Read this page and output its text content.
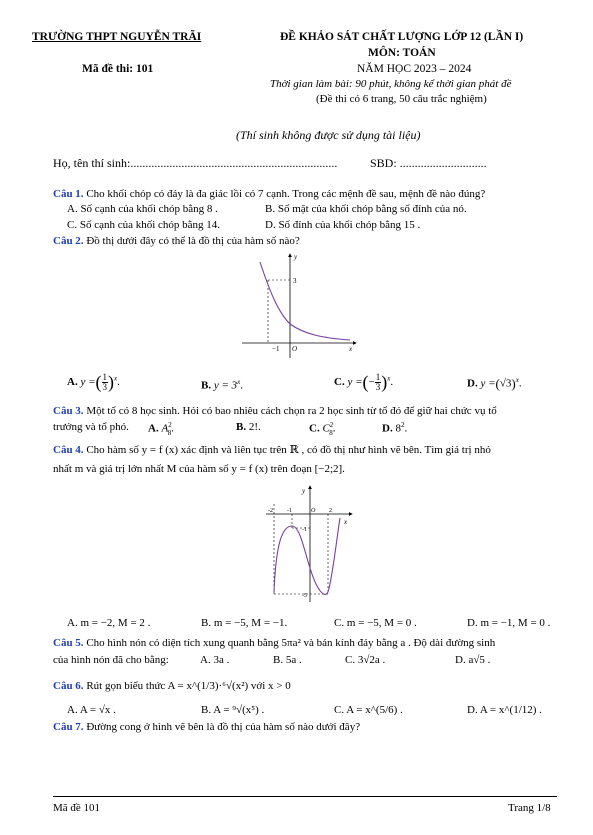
TRƯỜNG THPT NGUYỄN TRÃI	ĐỀ KHẢO SÁT CHẤT LƯỢNG LỚP 12 (LẦN I)
MÔN: TOÁN
Mã đề thi: 101	NĂM HỌC 2023 – 2024
Thời gian làm bài: 90 phút, không kể thời gian phát đề
(Đề thi có 6 trang, 50 câu trắc nghiệm)
(Thí sinh không được sử dụng tài liệu)
Họ, tên thí sinh:.....................................................................	SBD: .............................
Câu 1. Cho khối chóp có đáy là đa giác lồi có 7 cạnh. Trong các mệnh đề sau, mệnh đề nào đúng?
A. Số cạnh của khối chóp bằng 8 .	B. Số mặt của khối chóp bằng số đỉnh của nó.
C. Số cạnh của khối chóp bằng 14.	D. Số đỉnh của khối chóp bằng 15 .
Câu 2. Đồ thị dưới đây có thể là đồ thị của hàm số nào?
y
x
3
−1 O
A. y =( $\frac{1}{3} )^x$.	B. $y = 3^x$.	C. y =(− $\frac{1}{3} )^x$.	D. $y =(√3)^x$.
Câu 3. Một tổ có 8 học sinh. Hỏi có bao nhiêu cách chọn ra 2 học sinh từ tổ đó để giữ hai chức vụ tổ
trưởng và tổ phó. A. $A^2_8$.	B. 2!.	C. $C^2_8$.	D. $8^2$.
Câu 4. Cho hàm số y = f (x) xác định và liên tục trên ℝ , có đồ thị như hình vẽ bên. Tìm giá trị nhỏ
nhất m và giá trị lớn nhất M của hàm số y = f (x) trên đoạn [−2;2].
y
x
-2 -1	O 2
-1
-5
A. m = −2, M = 2 .	B. m = −5, M = −1.	C. m = −5, M = 0 .	D. m = −1, M = 0 .
Câu 5. Cho hình nón có diện tích xung quanh bằng 5πa² và bán kính đáy bằng a . Độ dài đường sinh
của hình nón đã cho bằng:	A. 3a .	B. 5a .	C. 3√2a .	D. a√5 .
Câu 6. Rút gọn biểu thức A = x^(1/3)·⁶√(x²) với x > 0
A. A = √x .	B. A = ⁹√(x⁵) .	C. A = x^(5/6) .	D. A = x^(1/12) .
Câu 7. Đường cong ở hình vẽ bên là đồ thị của hàm số nào dưới đây?
Mã đề 101	Trang 1/8
